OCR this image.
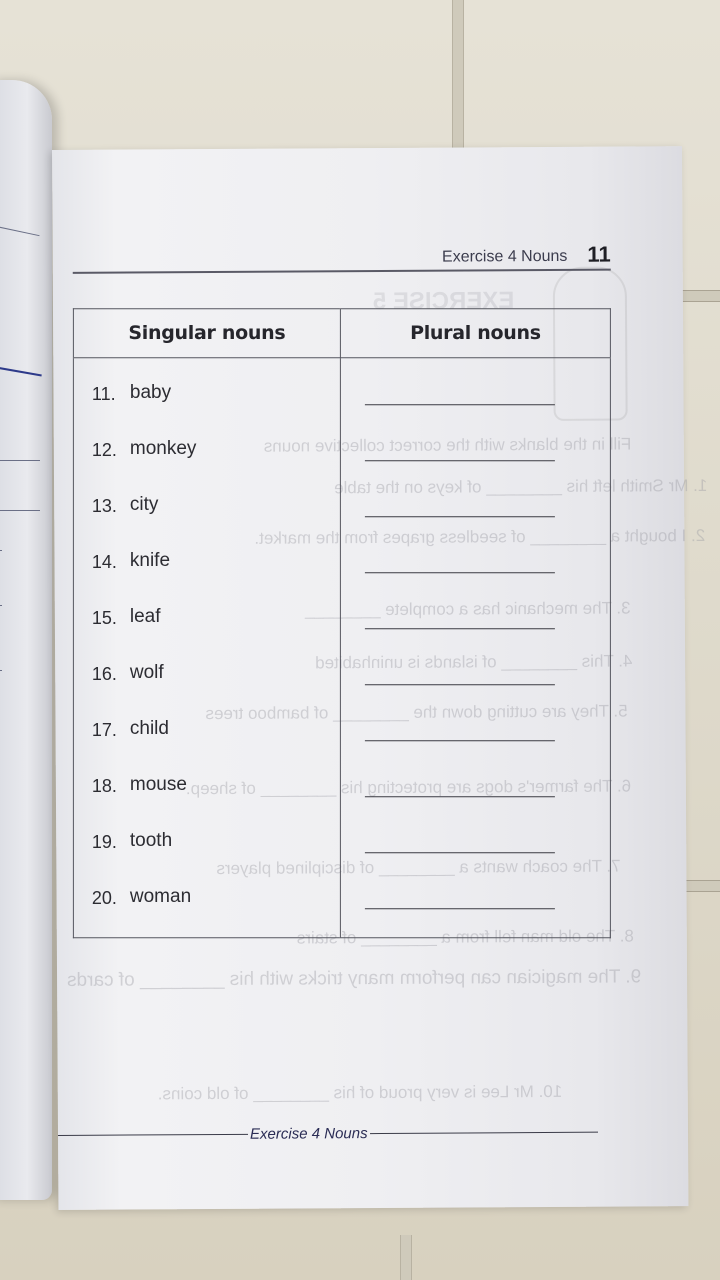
EXERCISE 5
Fill in the blanks with the correct collective nouns
1. Mr Smith left his ________ of keys on the table
2. I bought a ________ of seedless grapes from the market.
3. The mechanic has a complete ________
4. This ________ of islands is uninhabited
5. They are cutting down the ________ of bamboo trees
6. The farmer's dogs are protecting his ________ of sheep.
7. The coach wants a ________ of disciplined players
8. The old man fell from a ________ of stairs
9. The magician can perform many tricks with his ________ of cards
10. Mr Lee is very proud of his ________ of old coins.
Exercise 4 Nouns 11
Singular nouns	Plural nouns

11. baby
12. monkey
13. city
14. knife
15. leaf
16. wolf
17. child
18. mouse
19. tooth
20. woman

Exercise 4 Nouns
